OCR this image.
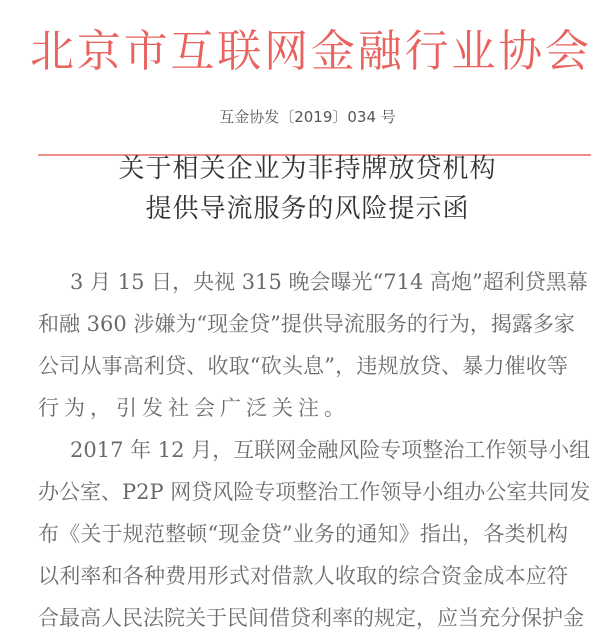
北京市互联网金融行业协会
互金协发〔2019〕034 号
关于相关企业为非持牌放贷机构
提供导流服务的风险提示函
3 月 15 日，央视 315 晚会曝光“714 高炮”超利贷黑幕
和融 360 涉嫌为“现金贷”提供导流服务的行为，揭露多家
公司从事高利贷、收取“砍头息”，违规放贷、暴力催收等
行为，引发社会广泛关注。
2017 年 12 月，互联网金融风险专项整治工作领导小组
办公室、P2P 网贷风险专项整治工作领导小组办公室共同发
布《关于规范整顿“现金贷”业务的通知》指出，各类机构
以利率和各种费用形式对借款人收取的综合资金成本应符
合最高人民法院关于民间借贷利率的规定，应当充分保护金
